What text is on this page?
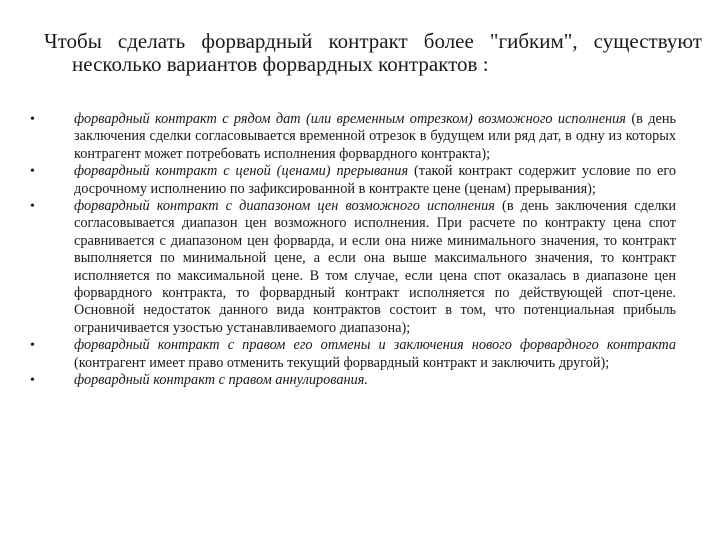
Чтобы сделать форвардный контракт более "гибким", существуют несколько вариантов форвардных контрактов :
•	форвардный контракт с рядом дат (или временным отрезком) возможного исполнения (в день заключения сделки согласовывается временной отрезок в будущем или ряд дат, в одну из которых контрагент может потребовать исполнения форвардного контракта);
•	форвардный контракт с ценой (ценами) прерывания (такой контракт содержит условие по его досрочному исполнению по зафиксированной в контракте цене (ценам) прерывания);
•	форвардный контракт с диапазоном цен возможного исполнения (в день заключения сделки согласовывается диапазон цен возможного исполнения. При расчете по контракту цена спот сравнивается с диапазоном цен форварда, и если она ниже минимального значения, то контракт выполняется по минимальной цене, а если она выше максимального значения, то контракт исполняется по максимальной цене. В том случае, если цена спот оказалась в диапазоне цен форвардного контракта, то форвардный контракт исполняется по действующей спот-цене. Основной недостаток данного вида контрактов состоит в том, что потенциальная прибыль ограничивается узостью устанавливаемого диапазона);
•	форвардный контракт с правом его отмены и заключения нового форвардного контракта (контрагент имеет право отменить текущий форвардный контракт и заключить другой);
•	форвардный контракт с правом аннулирования.
